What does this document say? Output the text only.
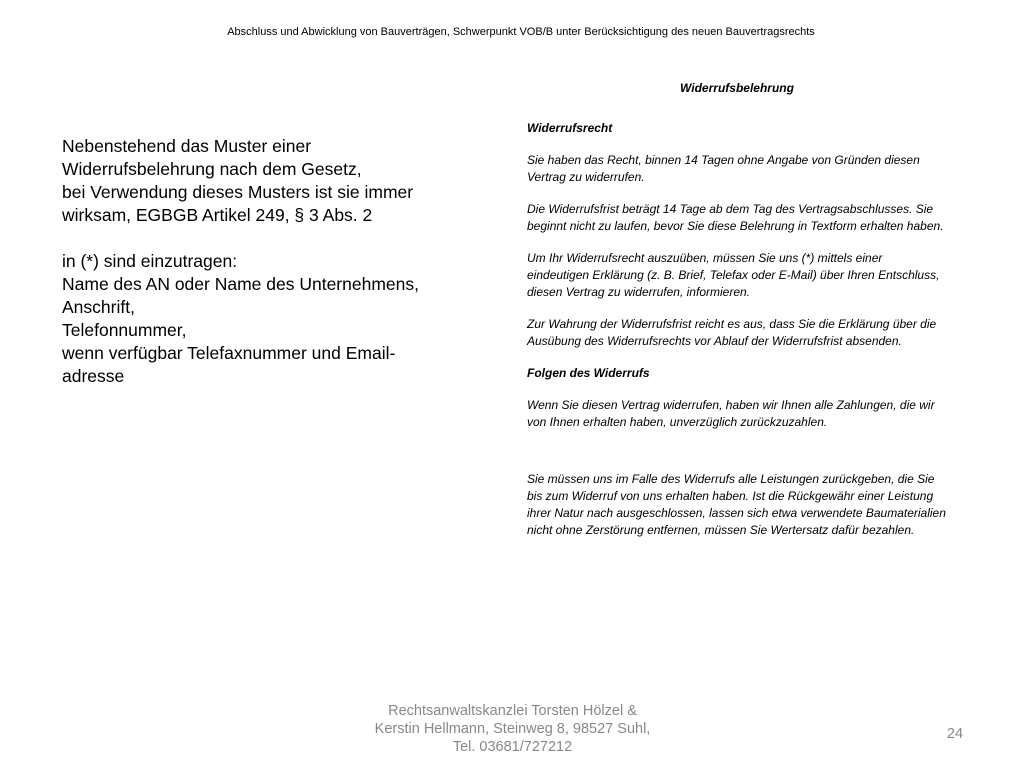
Abschluss und Abwicklung von Bauverträgen, Schwerpunkt VOB/B unter Berücksichtigung des neuen Bauvertragsrechts

Nebenstehend das Muster einer

Widerrufsbelehrung nach dem Gesetz,

bei Verwendung dieses Musters ist sie immer

wirksam, EGBGB Artikel 249, § 3 Abs. 2

in (*) sind einzutragen:

Name des AN oder Name des Unternehmens,

Anschrift,

Telefonnummer,

wenn verfügbar Telefaxnummer und Email-

adresse

Widerrufsbelehrung

Widerrufsrecht

Sie haben das Recht, binnen 14 Tagen ohne Angabe von Gründen diesen Vertrag zu widerrufen.

Die Widerrufsfrist beträgt 14 Tage ab dem Tag des Vertragsabschlusses. Sie beginnt nicht zu laufen, bevor Sie diese Belehrung in Textform erhalten haben.

Um Ihr Widerrufsrecht auszuüben, müssen Sie uns (*) mittels einer eindeutigen Erklärung (z. B. Brief, Telefax oder E-Mail) über Ihren Entschluss, diesen Vertrag zu widerrufen, informieren.

Zur Wahrung der Widerrufsfrist reicht es aus, dass Sie die Erklärung über die Ausübung des Widerrufsrechts vor Ablauf der Widerrufsfrist absenden.

Folgen des Widerrufs

Wenn Sie diesen Vertrag widerrufen, haben wir Ihnen alle Zahlungen, die wir von Ihnen erhalten haben, unverzüglich zurückzuzahlen.

Sie müssen uns im Falle des Widerrufs alle Leistungen zurückgeben, die Sie bis zum Widerruf von uns erhalten haben. Ist die Rückgewähr einer Leistung ihrer Natur nach ausgeschlossen, lassen sich etwa verwendete Baumaterialien nicht ohne Zerstörung entfernen, müssen Sie Wertersatz dafür bezahlen.

Rechtsanwaltskanzlei Torsten Hölzel &
Kerstin Hellmann, Steinweg 8, 98527 Suhl,
Tel. 03681/727212
24
